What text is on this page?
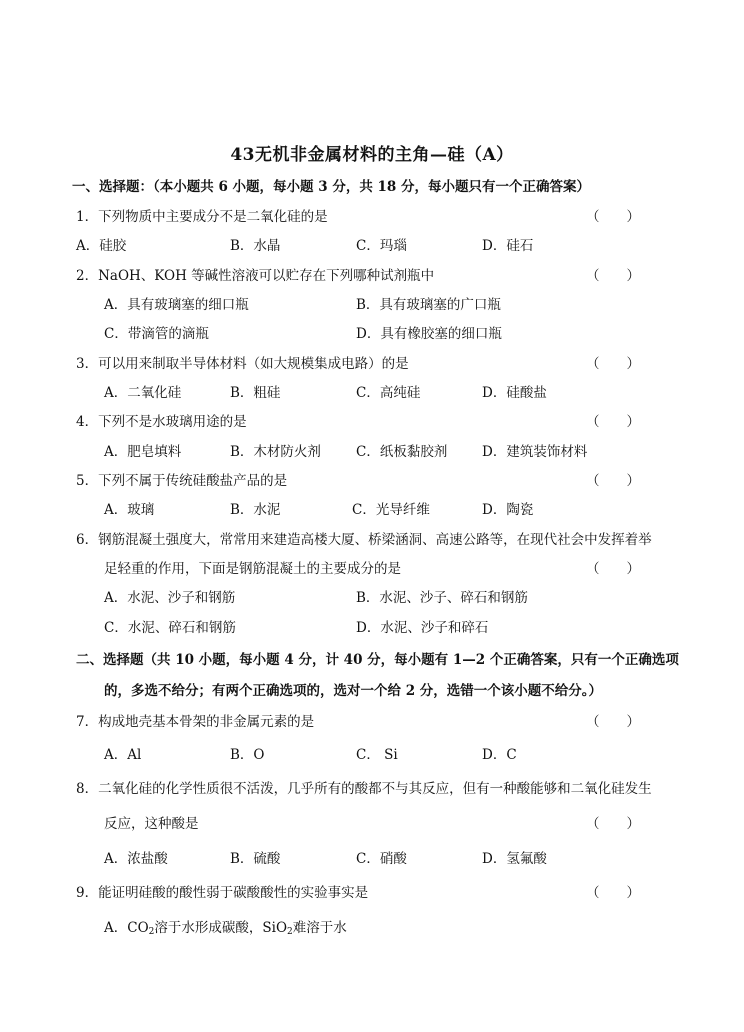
43无机非金属材料的主角—硅（A）
一、选择题：（本小题共 6 小题，每小题 3 分，共 18 分，每小题只有一个正确答案）
1．下列物质中主要成分不是二氧化硅的是	（　　）
A．硅胶	B．水晶	C．玛瑙	D．硅石
2．NaOH、KOH 等碱性溶液可以贮存在下列哪种试剂瓶中	（　　）
A．具有玻璃塞的细口瓶	B．具有玻璃塞的广口瓶
C．带滴管的滴瓶	D．具有橡胶塞的细口瓶
3．可以用来制取半导体材料（如大规模集成电路）的是	（　　）
A．二氧化硅	B．粗硅	C．高纯硅	D．硅酸盐
4．下列不是水玻璃用途的是	（　　）
A．肥皂填料	B．木材防火剂	C．纸板黏胶剂	D．建筑装饰材料
5．下列不属于传统硅酸盐产品的是	（　　）
A．玻璃	B．水泥	C．光导纤维	D．陶瓷
6．钢筋混凝土强度大，常常用来建造高楼大厦、桥梁涵洞、高速公路等，在现代社会中发挥着举
足轻重的作用，下面是钢筋混凝土的主要成分的是	（　　）
A．水泥、沙子和钢筋	B．水泥、沙子、碎石和钢筋
C．水泥、碎石和钢筋	D．水泥、沙子和碎石
二、选择题（共 10 小题，每小题 4 分，计 40 分，每小题有 1—2 个正确答案，只有一个正确选项
的，多选不给分；有两个正确选项的，选对一个给 2 分，选错一个该小题不给分。）
7．构成地壳基本骨架的非金属元素的是	（　　）
A．Al	B．O	C． Si	D．C
8．二氧化硅的化学性质很不活泼，几乎所有的酸都不与其反应，但有一种酸能够和二氧化硅发生
反应，这种酸是	（　　）
A．浓盐酸	B．硫酸	C．硝酸	D．氢氟酸
9．能证明硅酸的酸性弱于碳酸酸性的实验事实是	（　　）
A．$CO_2$溶于水形成碳酸，SiO$_2$难溶于水
